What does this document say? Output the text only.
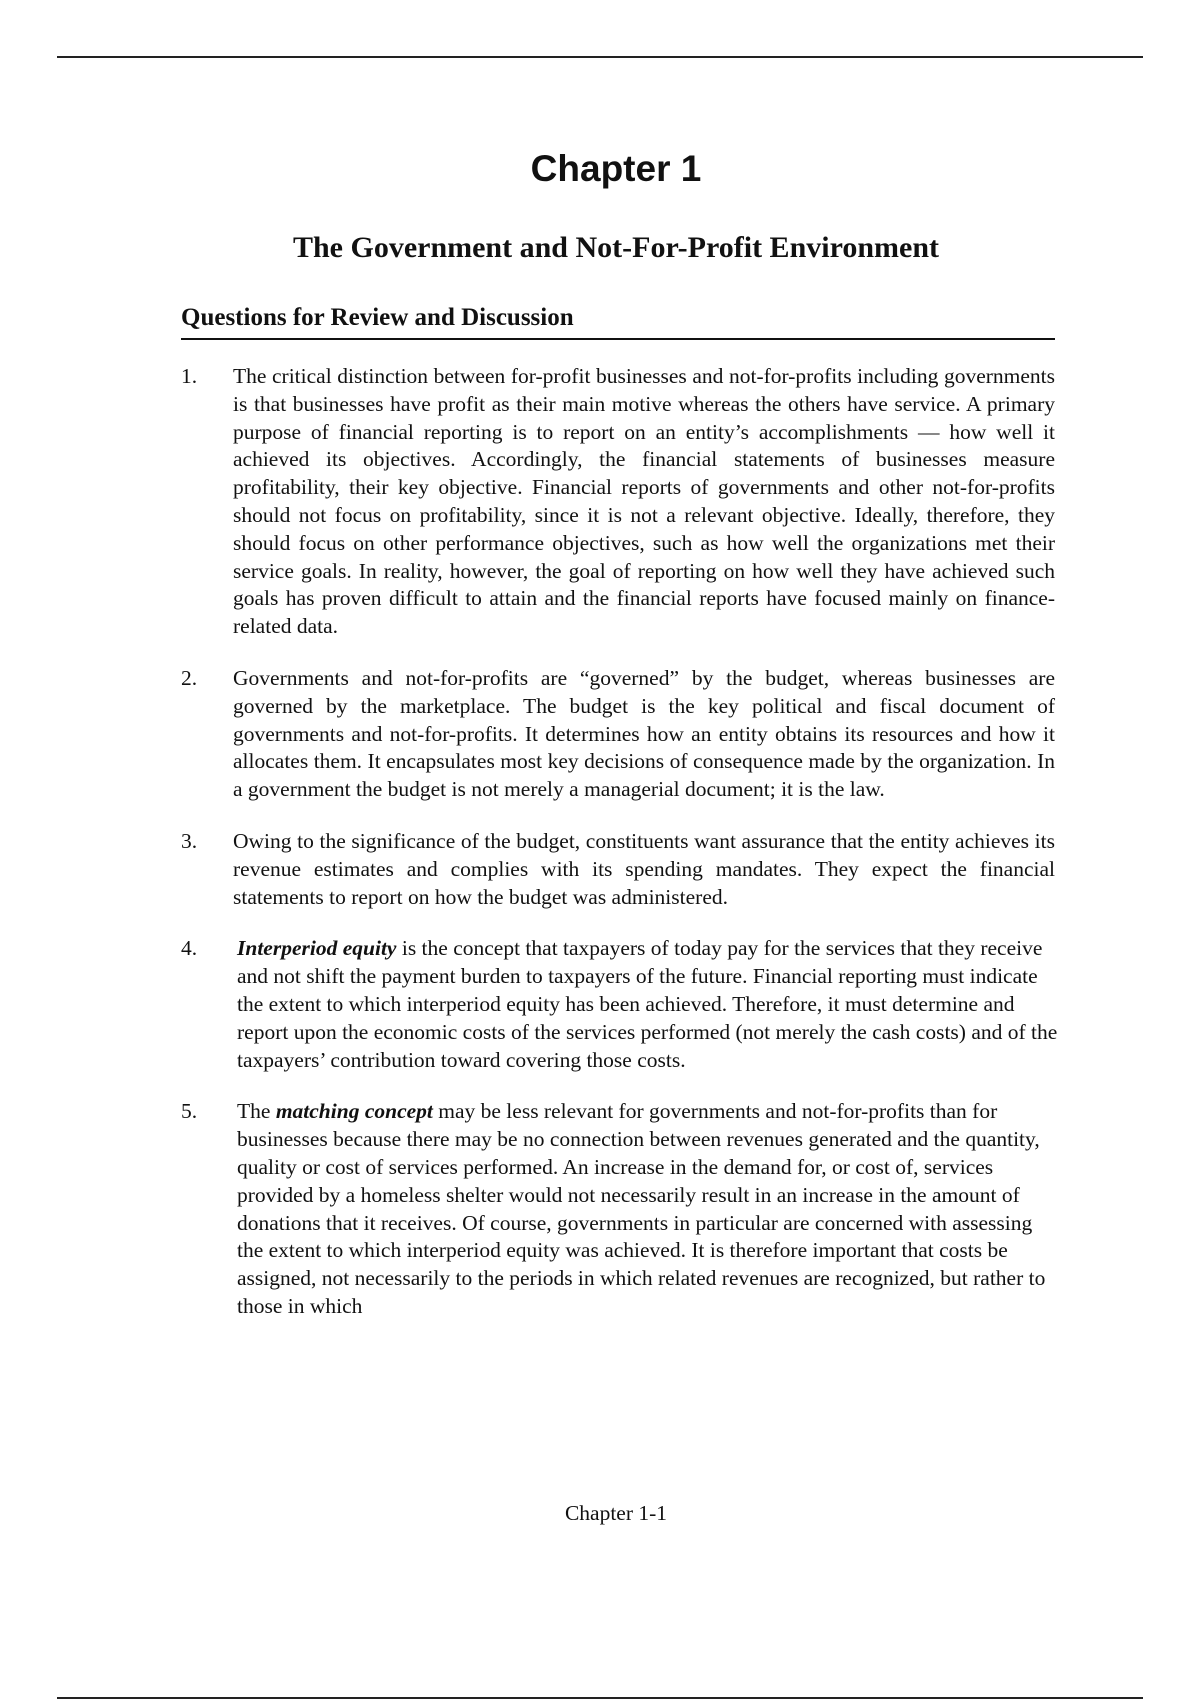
Chapter 1
The Government and Not-For-Profit Environment
Questions for Review and Discussion
1. The critical distinction between for-profit businesses and not-for-profits including governments is that businesses have profit as their main motive whereas the others have service. A primary purpose of financial reporting is to report on an entity’s accomplishments — how well it achieved its objectives. Accordingly, the financial statements of businesses measure profitability, their key objective. Financial reports of governments and other not-for-profits should not focus on profitability, since it is not a relevant objective. Ideally, therefore, they should focus on other performance objectives, such as how well the organizations met their service goals. In reality, however, the goal of reporting on how well they have achieved such goals has proven difficult to attain and the financial reports have focused mainly on finance-related data.
2. Governments and not-for-profits are “governed” by the budget, whereas businesses are governed by the marketplace. The budget is the key political and fiscal document of governments and not-for-profits. It determines how an entity obtains its resources and how it allocates them. It encapsulates most key decisions of consequence made by the organization. In a government the budget is not merely a managerial document; it is the law.
3. Owing to the significance of the budget, constituents want assurance that the entity achieves its revenue estimates and complies with its spending mandates. They expect the financial statements to report on how the budget was administered.
4. Interperiod equity is the concept that taxpayers of today pay for the services that they receive and not shift the payment burden to taxpayers of the future. Financial reporting must indicate the extent to which interperiod equity has been achieved. Therefore, it must determine and report upon the economic costs of the services performed (not merely the cash costs) and of the taxpayers’ contribution toward covering those costs.
5. The matching concept may be less relevant for governments and not-for-profits than for businesses because there may be no connection between revenues generated and the quantity, quality or cost of services performed. An increase in the demand for, or cost of, services provided by a homeless shelter would not necessarily result in an increase in the amount of donations that it receives. Of course, governments in particular are concerned with assessing the extent to which interperiod equity was achieved. It is therefore important that costs be assigned, not necessarily to the periods in which related revenues are recognized, but rather to those in which

Chapter 1-1
